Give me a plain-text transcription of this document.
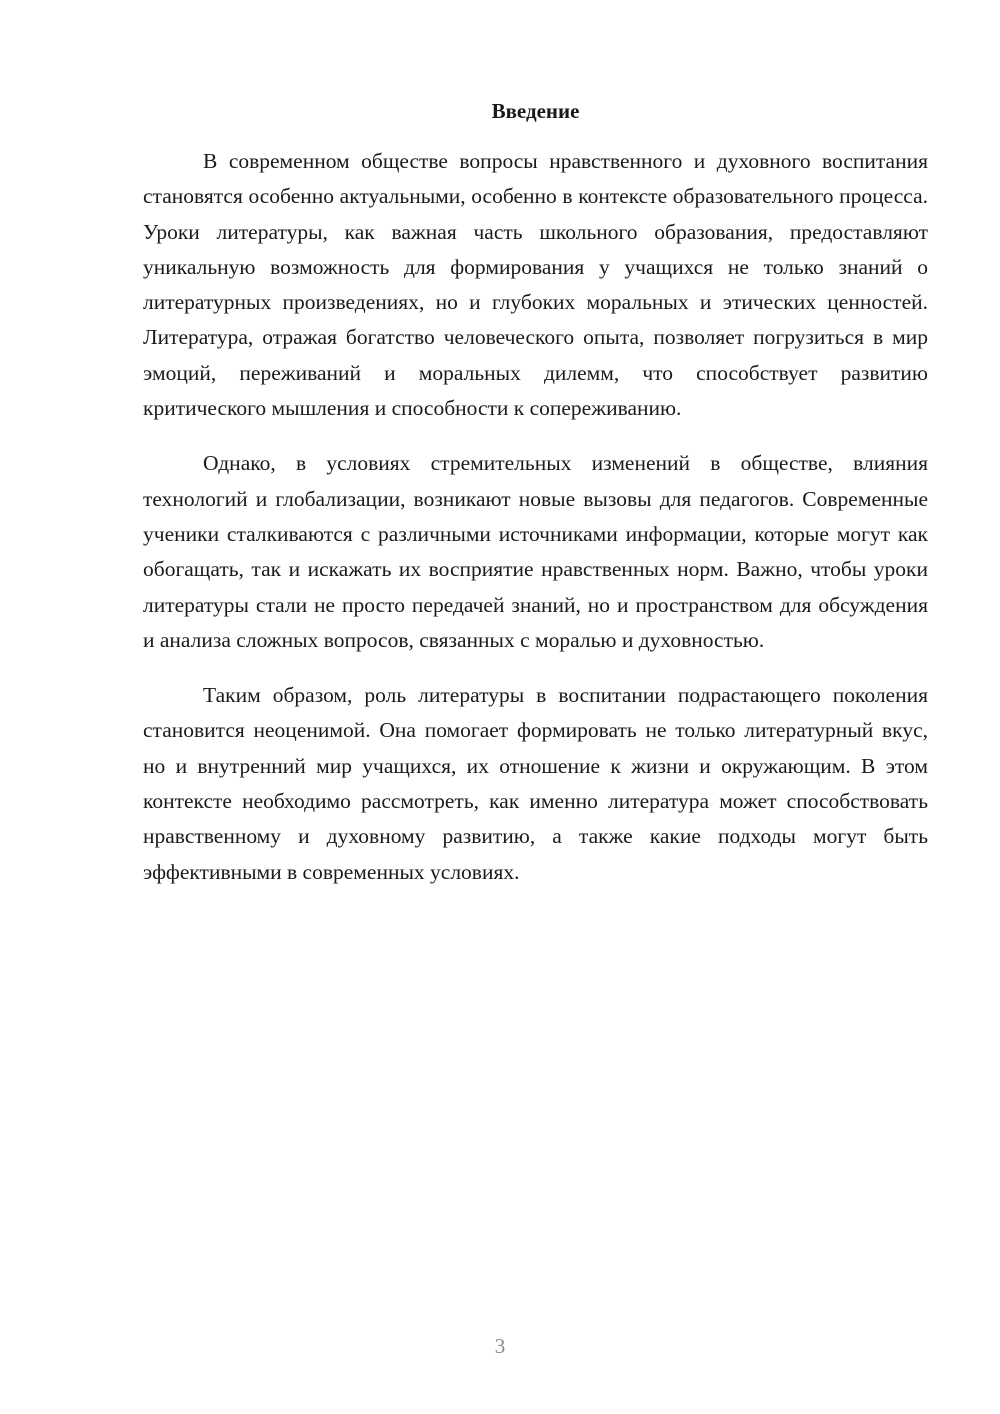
Введение

В современном обществе вопросы нравственного и духовного воспитания становятся особенно актуальными, особенно в контексте образовательного процесса. Уроки литературы, как важная часть школьного образования, предоставляют уникальную возможность для формирования у учащихся не только знаний о литературных произведениях, но и глубоких моральных и этических ценностей. Литература, отражая богатство человеческого опыта, позволяет погрузиться в мир эмоций, переживаний и моральных дилемм, что способствует развитию критического мышления и способности к сопереживанию.

Однако, в условиях стремительных изменений в обществе, влияния технологий и глобализации, возникают новые вызовы для педагогов. Современные ученики сталкиваются с различными источниками информации, которые могут как обогащать, так и искажать их восприятие нравственных норм. Важно, чтобы уроки литературы стали не просто передачей знаний, но и пространством для обсуждения и анализа сложных вопросов, связанных с моралью и духовностью.

Таким образом, роль литературы в воспитании подрастающего поколения становится неоценимой. Она помогает формировать не только литературный вкус, но и внутренний мир учащихся, их отношение к жизни и окружающим. В этом контексте необходимо рассмотреть, как именно литература может способствовать нравственному и духовному развитию, а также какие подходы могут быть эффективными в современных условиях.

3
